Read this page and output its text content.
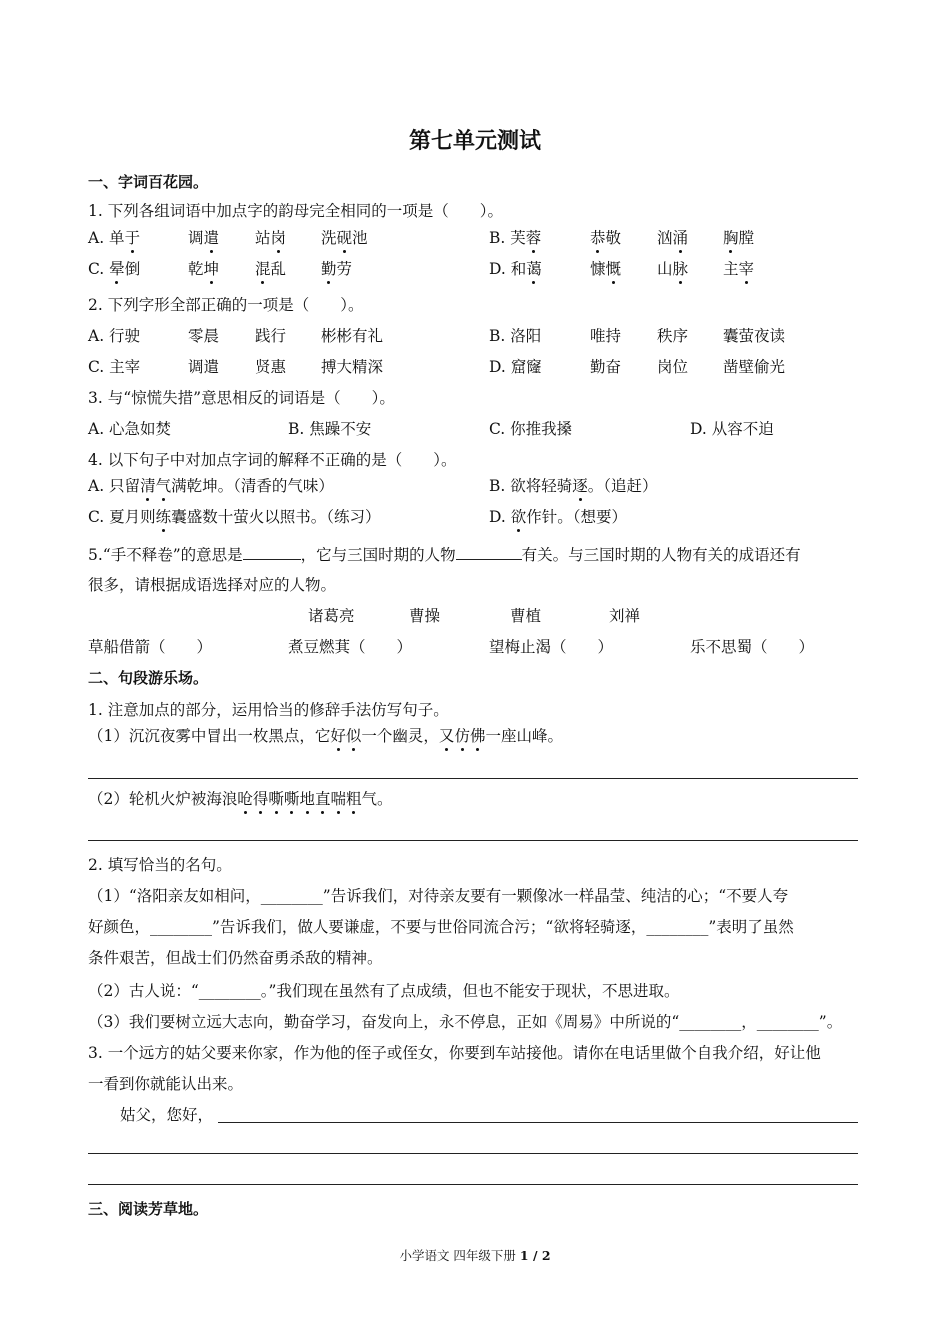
第七单元测试
一、字词百花园。
1. 下列各组词语中加点字的韵母完全相同的一项是（　　）。
A. 单于	调遣 站岗 洗砚池	B. 芙蓉	恭敬 汹涌 胸膛
C. 晕倒	乾坤 混乱 勤劳	D. 和蔼	慷慨 山脉 主宰
2. 下列字形全部正确的一项是（　　）。
A. 行驶	零晨 践行 彬彬有礼	B. 洛阳	唯持 秩序 囊萤夜读
C. 主宰	调遣 贤惠 搏大精深	D. 窟窿	勤奋 岗位 凿壁偷光
3. 与“惊慌失措”意思相反的词语是（　　）。
A. 心急如焚	B. 焦躁不安	C. 你推我搡	D. 从容不迫
4. 以下句子中对加点字词的解释不正确的是（　　）。
A. 只留清气满乾坤。（清香的气味）	B. 欲将轻骑逐。（追赶）
C. 夏月则练囊盛数十萤火以照书。（练习）	D. 欲作针。（想要）
5.“手不释卷”的意思是	，它与三国时期的人物	有关。与三国时期的人物有关的成语还有
很多，请根据成语选择对应的人物。
诸葛亮	曹操	曹植	刘禅
草船借箭（　　）	煮豆燃萁（　　）	望梅止渴（　　）	乐不思蜀（　　）
二、句段游乐场。
1. 注意加点的部分，运用恰当的修辞手法仿写句子。
（1）沉沉夜雾中冒出一枚黑点，它好似一个幽灵，又仿佛一座山峰。
（2）轮机火炉被海浪呛得嘶嘶地直喘粗气。
2. 填写恰当的名句。
（1）“洛阳亲友如相问，________”告诉我们，对待亲友要有一颗像冰一样晶莹、纯洁的心；“不要人夸
好颜色，________”告诉我们，做人要谦虚，不要与世俗同流合污；“欲将轻骑逐，________”表明了虽然
条件艰苦，但战士们仍然奋勇杀敌的精神。
（2）古人说：“________。”我们现在虽然有了点成绩，但也不能安于现状，不思进取。
（3）我们要树立远大志向，勤奋学习，奋发向上，永不停息，正如《周易》中所说的“________，________”。
3. 一个远方的姑父要来你家，作为他的侄子或侄女，你要到车站接他。请你在电话里做个自我介绍，好让他
一看到你就能认出来。
姑父，您好，
三、阅读芳草地。
小学语文 四年级下册 1 / 2
